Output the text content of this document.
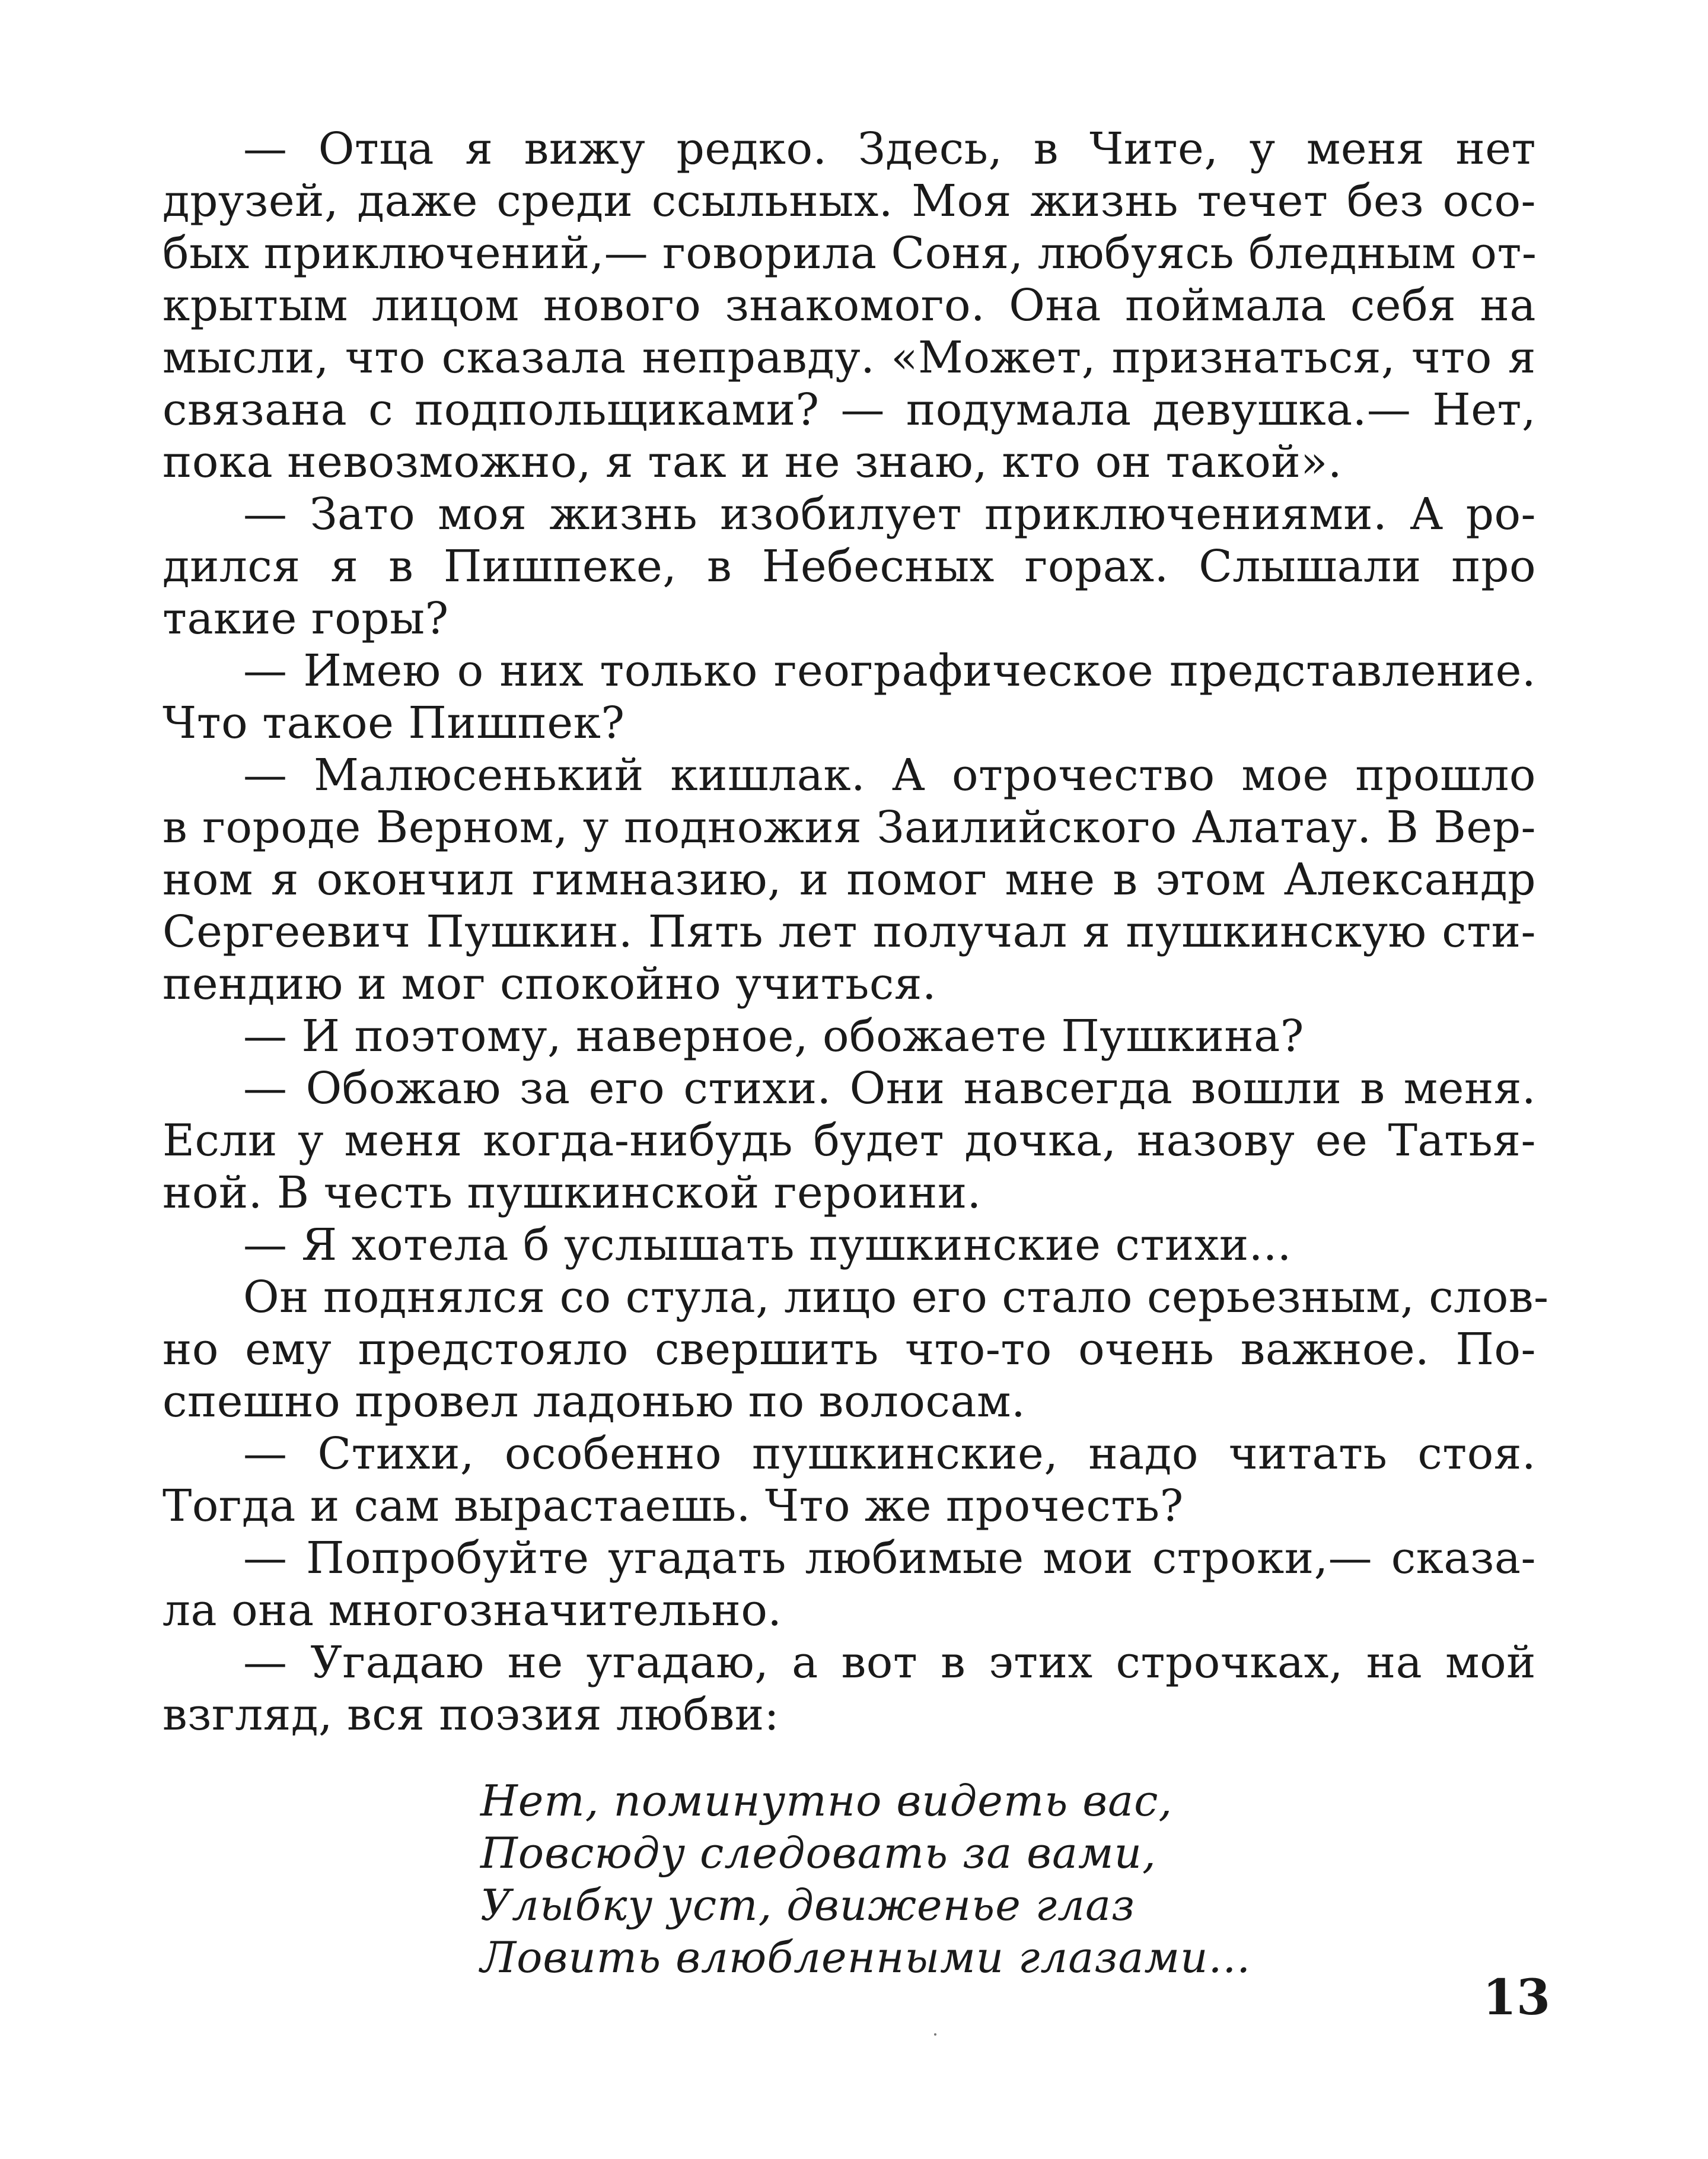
— Отца я вижу редко. Здесь, в Чите, у меня нет
друзей, даже среди ссыльных. Моя жизнь течет без осо-
бых приключений,— говорила Соня, любуясь бледным от-
крытым лицом нового знакомого. Она поймала себя на
мысли, что сказала неправду. «Может, признаться, что я
связана с подпольщиками? — подумала девушка.— Нет,
пока невозможно, я так и не знаю, кто он такой».
— Зато моя жизнь изобилует приключениями. А ро-
дился я в Пишпеке, в Небесных горах. Слышали про
такие горы?
— Имею о них только географическое представление.
Что такое Пишпек?
— Малюсенький кишлак. А отрочество мое прошло
в городе Верном, у подножия Заилийского Алатау. В Вер-
ном я окончил гимназию, и помог мне в этом Александр
Сергеевич Пушкин. Пять лет получал я пушкинскую сти-
пендию и мог спокойно учиться.
— И поэтому, наверное, обожаете Пушкина?
— Обожаю за его стихи. Они навсегда вошли в меня.
Если у меня когда-нибудь будет дочка, назову ее Татья-
ной. В честь пушкинской героини.
— Я хотела б услышать пушкинские стихи...
Он поднялся со стула, лицо его стало серьезным, слов-
но ему предстояло свершить что-то очень важное. По-
спешно провел ладонью по волосам.
— Стихи, особенно пушкинские, надо читать стоя.
Тогда и сам вырастаешь. Что же прочесть?
— Попробуйте угадать любимые мои строки,— сказа-
ла она многозначительно.
— Угадаю не угадаю, а вот в этих строчках, на мой
взгляд, вся поэзия любви:
Нет, поминутно видеть вас,
Повсюду следовать за вами,
Улыбку уст, движенье глаз
Ловить влюбленными глазами...
13
